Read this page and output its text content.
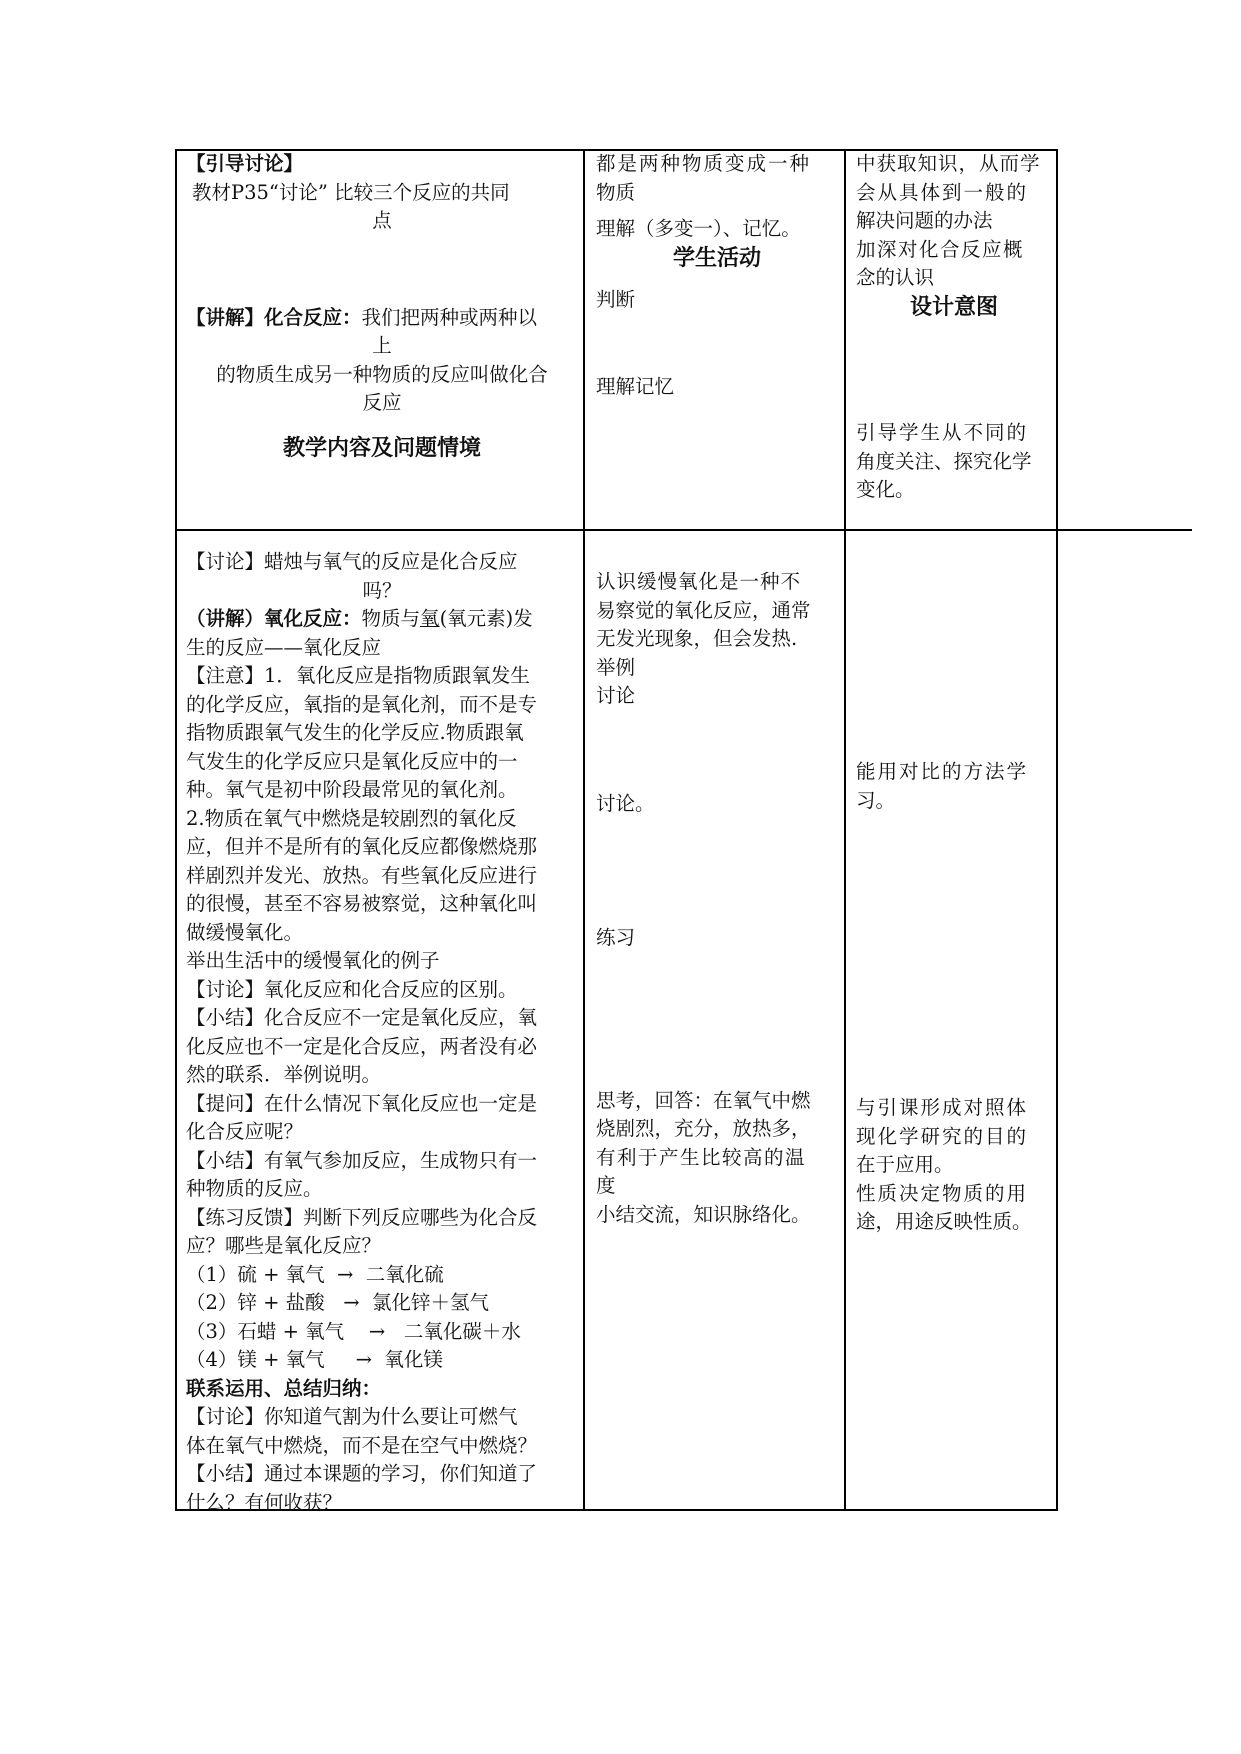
【引导讨论】
教材P35“讨论” 比较三个反应的共同
点
【讲解】化合反应：我们把两种或两种以
上
的物质生成另一种物质的反应叫做化合
反应
教学内容及问题情境
都是两种物质变成一种
物质
理解（多变一）、记忆。
学生活动
判断
理解记忆
中获取知识，从而学
会从具体到一般的
解决问题的办法
加深对化合反应概
念的认识
设计意图
引导学生从不同的
角度关注、探究化学
变化。
【讨论】蜡烛与氧气的反应是化合反应
吗？
（讲解）氧化反应：物质与氧(氧元素)发
生的反应——氧化反应
【注意】1．氧化反应是指物质跟氧发生
的化学反应，氧指的是氧化剂，而不是专
指物质跟氧气发生的化学反应.物质跟氧
气发生的化学反应只是氧化反应中的一
种。氧气是初中阶段最常见的氧化剂。
2.物质在氧气中燃烧是较剧烈的氧化反
应，但并不是所有的氧化反应都像燃烧那
样剧烈并发光、放热。有些氧化反应进行
的很慢，甚至不容易被察觉，这种氧化叫
做缓慢氧化。
举出生活中的缓慢氧化的例子
【讨论】氧化反应和化合反应的区别。
【小结】化合反应不一定是氧化反应，氧
化反应也不一定是化合反应，两者没有必
然的联系．举例说明。
【提问】在什么情况下氧化反应也一定是
化合反应呢？
【小结】有氧气参加反应，生成物只有一
种物质的反应。
【练习反馈】判断下列反应哪些为化合反
应？哪些是氧化反应？
（1）硫 + 氧气  →  二氧化硫
（2）锌 + 盐酸   →  氯化锌＋氢气
（3）石蜡 + 氧气    →   二氧化碳＋水
（4）镁 + 氧气     →  氧化镁
联系运用、总结归纳：
【讨论】你知道气割为什么要让可燃气
体在氧气中燃烧，而不是在空气中燃烧？
【小结】通过本课题的学习，你们知道了
什么？有何收获？
认识缓慢氧化是一种不
易察觉的氧化反应，通常
无发光现象，但会发热.
举例
讨论
讨论。
练习
思考，回答：在氧气中燃
烧剧烈，充分，放热多，
有利于产生比较高的温
度
小结交流，知识脉络化。
能用对比的方法学
习。
与引课形成对照体
现化学研究的目的
在于应用。
性质决定物质的用
途，用途反映性质。
